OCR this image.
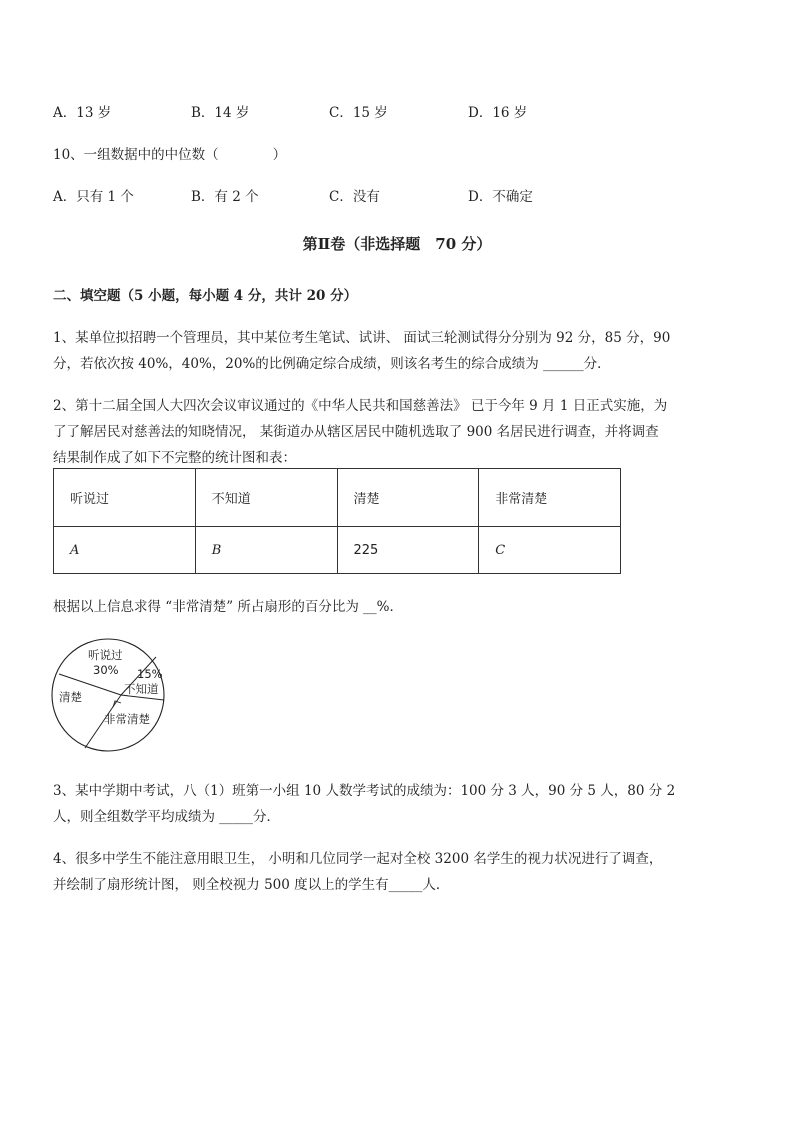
A．13 岁	B．14 岁	C．15 岁	D．16 岁
10、一组数据中的中位数（　　　　）
A．只有 1 个	B．有 2 个	C．没有	D．不确定
第Ⅱ卷（非选择题　70 分）
二、填空题（5 小题，每小题 4 分，共计 20 分）
1、某单位拟招聘一个管理员，其中某位考生笔试、试讲、 面试三轮测试得分分别为 92 分，85 分，90
分，若依次按 40%，40%，20%的比例确定综合成绩，则该名考生的综合成绩为 ______分．
2、第十二届全国人大四次会议审议通过的《中华人民共和国慈善法》 已于今年 9 月 1 日正式实施，为
了了解居民对慈善法的知晓情况， 某街道办从辖区居民中随机选取了 900 名居民进行调查，并将调查
结果制作成了如下不完整的统计图和表：
听说过	不知道	清楚	非常清楚
A	B	225	C
根据以上信息求得 “非常清楚” 所占扇形的百分比为 __%．
听说过
30% 15%
不知道
清楚
非常清楚
3、某中学期中考试，八（1）班第一小组 10 人数学考试的成绩为：100 分 3 人，90 分 5 人，80 分 2
人，则全组数学平均成绩为 _____分．
4、很多中学生不能注意用眼卫生， 小明和几位同学一起对全校 3200 名学生的视力状况进行了调查，
并绘制了扇形统计图， 则全校视力 500 度以上的学生有_____人．
